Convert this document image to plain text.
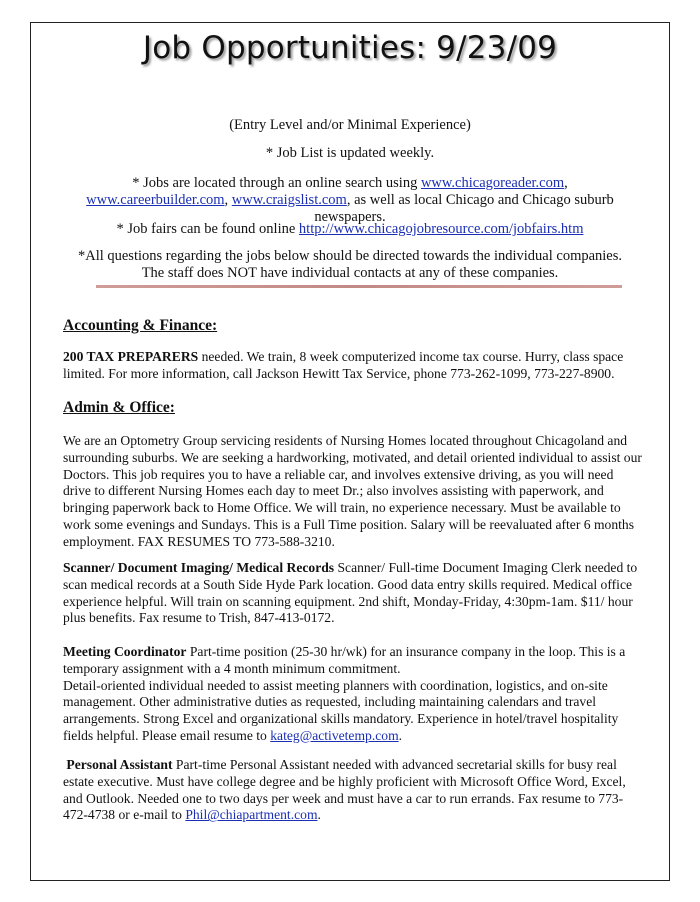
Job Opportunities: 9/23/09
(Entry Level and/or Minimal Experience)
* Job List is updated weekly.
* Jobs are located through an online search using www.chicagoreader.com, www.careerbuilder.com, www.craigslist.com, as well as local Chicago and Chicago suburb newspapers.
* Job fairs can be found online http://www.chicagojobresource.com/jobfairs.htm
*All questions regarding the jobs below should be directed towards the individual companies.
The staff does NOT have individual contacts at any of these companies.
Accounting & Finance:
200 TAX PREPARERS needed. We train, 8 week computerized income tax course. Hurry, class space limited. For more information, call Jackson Hewitt Tax Service, phone 773-262-1099, 773-227-8900.
Admin & Office:
We are an Optometry Group servicing residents of Nursing Homes located throughout Chicagoland and surrounding suburbs. We are seeking a hardworking, motivated, and detail oriented individual to assist our Doctors. This job requires you to have a reliable car, and involves extensive driving, as you will need drive to different Nursing Homes each day to meet Dr.; also involves assisting with paperwork, and bringing paperwork back to Home Office. We will train, no experience necessary. Must be available to work some evenings and Sundays. This is a Full Time position. Salary will be reevaluated after 6 months employment. FAX RESUMES TO 773-588-3210.
Scanner/ Document Imaging/ Medical Records Scanner/ Full-time Document Imaging Clerk needed to scan medical records at a South Side Hyde Park location. Good data entry skills required. Medical office experience helpful. Will train on scanning equipment. 2nd shift, Monday-Friday, 4:30pm-1am. $11/ hour plus benefits. Fax resume to Trish, 847-413-0172.
Meeting Coordinator Part-time position (25-30 hr/wk) for an insurance company in the loop. This is a temporary assignment with a 4 month minimum commitment.
Detail-oriented individual needed to assist meeting planners with coordination, logistics, and on-site management. Other administrative duties as requested, including maintaining calendars and travel arrangements. Strong Excel and organizational skills mandatory. Experience in hotel/travel hospitality fields helpful. Please email resume to kateg@activetemp.com.
Personal Assistant Part-time Personal Assistant needed with advanced secretarial skills for busy real estate executive. Must have college degree and be highly proficient with Microsoft Office Word, Excel, and Outlook. Needed one to two days per week and must have a car to run errands. Fax resume to 773-472-4738 or e-mail to Phil@chiapartment.com.
